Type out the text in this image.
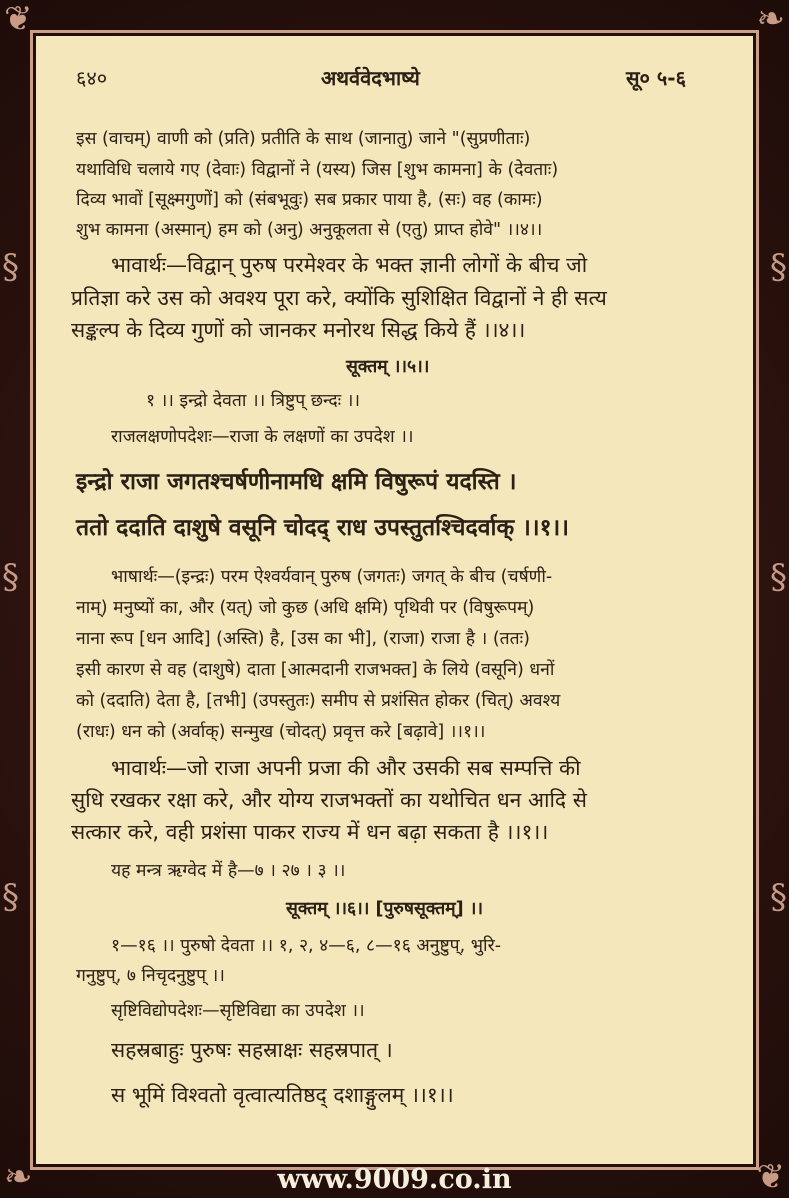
❦	❧
❧	❦
§
§
§
§
§
§
६४०	अथर्ववेदभाष्ये	सू० ५-६
इस (वाचम्) वाणी को (प्रति) प्रतीति के साथ (जानातु) जाने "(सुप्रणीताः)
यथाविधि चलाये गए (देवाः) विद्वानों ने (यस्य) जिस [शुभ कामना] के (देवताः)
दिव्य भावों [सूक्ष्मगुणों] को (संबभूवुः) सब प्रकार पाया है, (सः) वह (कामः)
शुभ कामना (अस्मान्) हम को (अनु) अनुकूलता से (एतु) प्राप्त होवे" ।।४।।
भावार्थः—विद्वान् पुरुष परमेश्वर के भक्त ज्ञानी लोगों के बीच जो
प्रतिज्ञा करे उस को अवश्य पूरा करे, क्योंकि सुशिक्षित विद्वानों ने ही सत्य
सङ्कल्प के दिव्य गुणों को जानकर मनोरथ सिद्ध किये हैं ।।४।।
सूक्तम् ।।५।।
१ ।। इन्द्रो देवता ।। त्रिष्टुप् छन्दः ।।
राजलक्षणोपदेशः—राजा के लक्षणों का उपदेश ।।
इन्द्रो राजा जगतश्चर्षणीनामधि क्षमि विषुरूपं यदस्ति ।
ततो ददाति दाशुषे वसूनि चोदद् राध उपस्तुतश्चिदर्वाक् ।।१।।
भाषार्थः—(इन्द्रः) परम ऐश्वर्यवान् पुरुष (जगतः) जगत् के बीच (चर्षणी-
नाम्) मनुष्यों का, और (यत्) जो कुछ (अधि क्षमि) पृथिवी पर (विषुरूपम्)
नाना रूप [धन आदि] (अस्ति) है, [उस का भी], (राजा) राजा है । (ततः)
इसी कारण से वह (दाशुषे) दाता [आत्मदानी राजभक्त] के लिये (वसूनि) धनों
को (ददाति) देता है, [तभी] (उपस्तुतः) समीप से प्रशंसित होकर (चित्) अवश्य
(राधः) धन को (अर्वाक्) सन्मुख (चोदत्) प्रवृत्त करे [बढ़ावे] ।।१।।
भावार्थः—जो राजा अपनी प्रजा की और उसकी सब सम्पत्ति की
सुधि रखकर रक्षा करे, और योग्य राजभक्तों का यथोचित धन आदि से
सत्कार करे, वही प्रशंसा पाकर राज्य में धन बढ़ा सकता है ।।१।।
यह मन्त्र ऋग्वेद में है—७ । २७ । ३ ।।
सूक्तम् ।।६।। [पुरुषसूक्तम्] ।।
१—१६ ।। पुरुषो देवता ।। १, २, ४—६, ८—१६ अनुष्टुप्, भुरि-
गनुष्टुप्, ७ निचृदनुष्टुप् ।।
सृष्टिविद्योपदेशः—सृष्टिविद्या का उपदेश ।।
सहस्रबाहुः पुरुषः सहस्राक्षः सहस्रपात् ।
स भूमिं विश्वतो वृत्वात्यतिष्ठद् दशाङ्गुलम् ।।१।।
www.9009.co.in
